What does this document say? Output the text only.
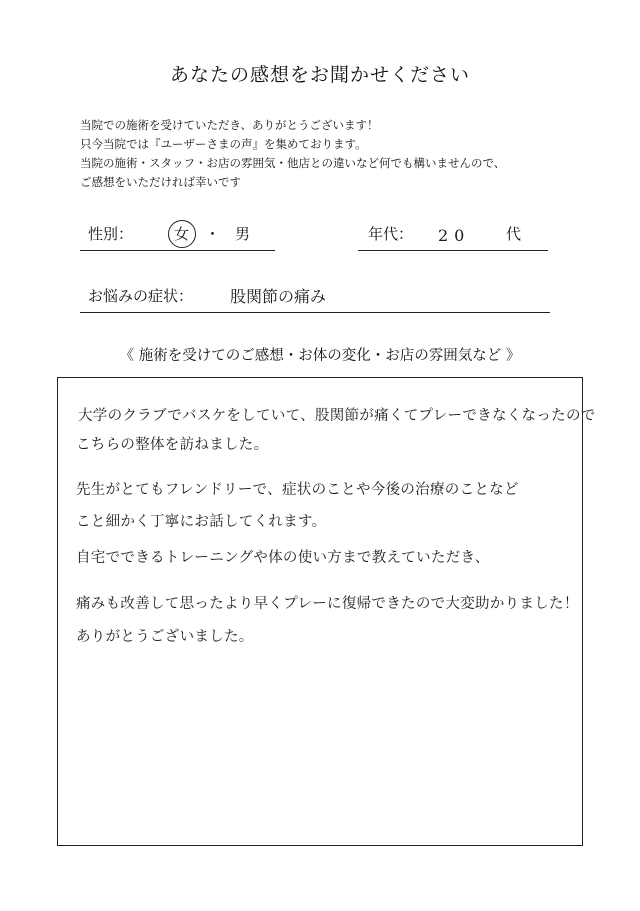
あなたの感想をお聞かせください
当院での施術を受けていただき、ありがとうございます！
只今当院では『ユーザーさまの声』を集めております。
当院の施術・スタッフ・お店の雰囲気・他店との違いなど何でも構いませんので、
ご感想をいただければ幸いです
性別：	女 ・ 男	年代： 20 代
お悩みの症状： 股関節の痛み
《 施術を受けてのご感想・お体の変化・お店の雰囲気など 》
大学のクラブでバスケをしていて、股関節が痛くてプレーできなくなったので
こちらの整体を訪ねました。
先生がとてもフレンドリーで、症状のことや今後の治療のことなど
こと細かく丁寧にお話してくれます。
自宅でできるトレーニングや体の使い方まで教えていただき、
痛みも改善して思ったより早くプレーに復帰できたので大変助かりました！
ありがとうございました。
